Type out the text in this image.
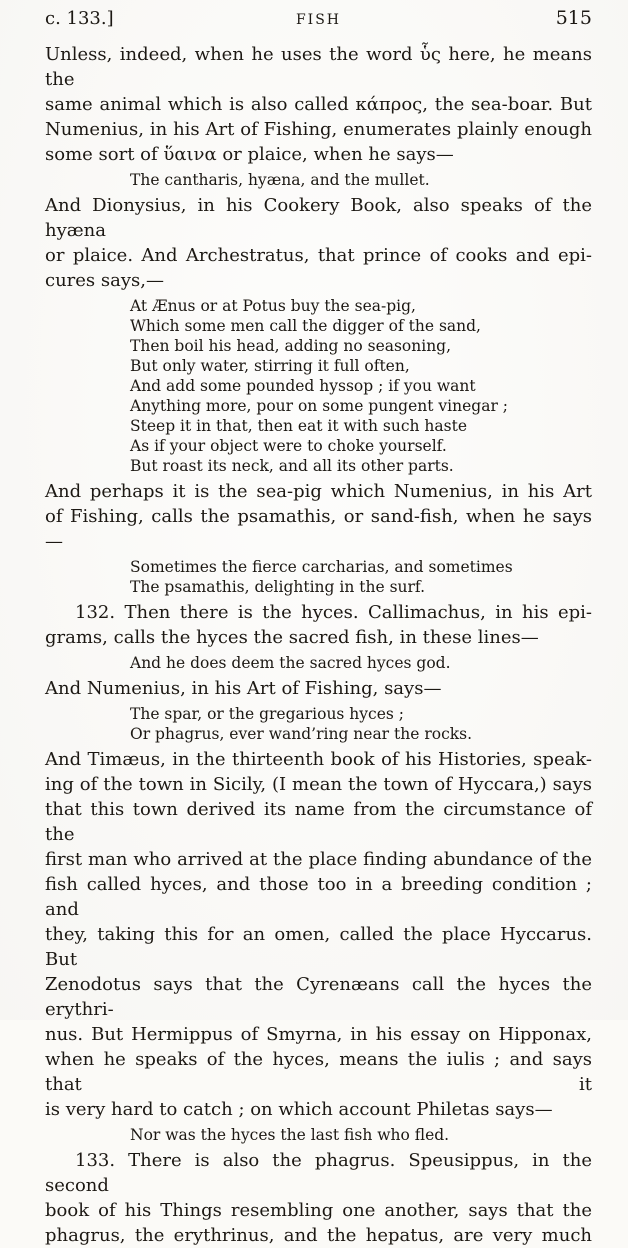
c. 133.]	FISH	515
Unless, indeed, when he uses the word ὗς here, he means the
same animal which is also called κάπρος, the sea-boar. But
Numenius, in his Art of Fishing, enumerates plainly enough
some sort of ὕαινα or plaice, when he says—
The cantharis, hyæna, and the mullet.
And Dionysius, in his Cookery Book, also speaks of the hyæna
or plaice. And Archestratus, that prince of cooks and epi-
cures says,—
At Ænus or at Potus buy the sea-pig,
Which some men call the digger of the sand,
Then boil his head, adding no seasoning,
But only water, stirring it full often,
And add some pounded hyssop ; if you want
Anything more, pour on some pungent vinegar ;
Steep it in that, then eat it with such haste
As if your object were to choke yourself.
But roast its neck, and all its other parts.
And perhaps it is the sea-pig which Numenius, in his Art
of Fishing, calls the psamathis, or sand-fish, when he says—
Sometimes the fierce carcharias, and sometimes
The psamathis, delighting in the surf.
132. Then there is the hyces. Callimachus, in his epi-
grams, calls the hyces the sacred fish, in these lines—
And he does deem the sacred hyces god.
And Numenius, in his Art of Fishing, says—
The spar, or the gregarious hyces ;
Or phagrus, ever wand’ring near the rocks.
And Timæus, in the thirteenth book of his Histories, speak-
ing of the town in Sicily, (I mean the town of Hyccara,) says
that this town derived its name from the circumstance of the
first man who arrived at the place finding abundance of the
fish called hyces, and those too in a breeding condition ; and
they, taking this for an omen, called the place Hyccarus. But
Zenodotus says that the Cyrenæans call the hyces the erythri-
nus. But Hermippus of Smyrna, in his essay on Hipponax,
when he speaks of the hyces, means the iulis ; and says that it
is very hard to catch ; on which account Philetas says—
Nor was the hyces the last fish who fled.
133. There is also the phagrus. Speusippus, in the second
book of his Things resembling one another, says that the
phagrus, the erythrinus, and the hepatus, are very much
